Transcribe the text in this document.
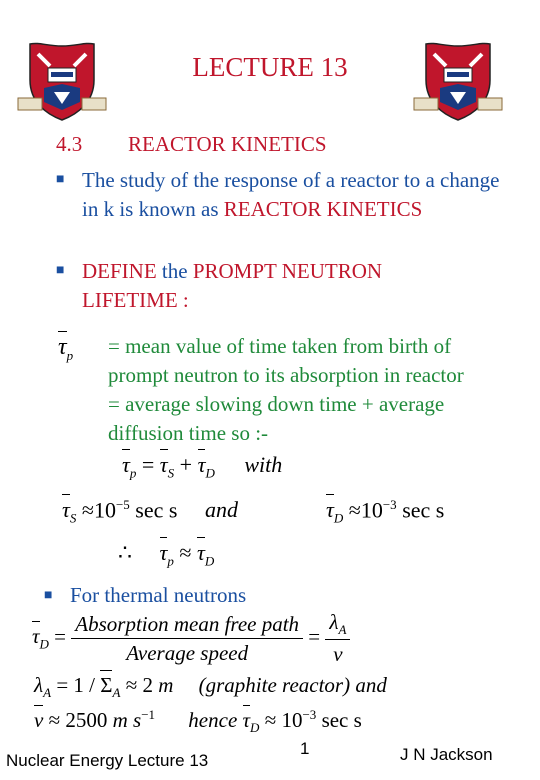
LECTURE 13
4.3 REACTOR KINETICS
■ The study of the response of a reactor to a change in k is known as REACTOR KINETICS
■ DEFINE the PROMPT NEUTRON LIFETIME :
$\tau_p$ = mean value of time taken from birth of
prompt neutron to its absorption in reactor
= average slowing down time + average
diffusion time so :-
$\tau_p = \tau_S + \tau_D$ with
$\tau_S \approx 10^{-5}$ sec s and	$\tau_D \approx 10^{-3}$ sec s
∴ $\tau_p \approx \tau_D$
■ For thermal neutrons
$\tau_D = \frac{\text{Absorption mean free path}}{\text{Average speed}} = \frac{\lambda_A}{v}$
$\lambda_A = 1 / \Sigma_A \approx 2$ m (graphite reactor) and
v ≈ 2500 m $s^{-1}$ hence $\tau_D \approx 10^{-3}$ sec s
Nuclear Energy Lecture 13
1	J N Jackson
